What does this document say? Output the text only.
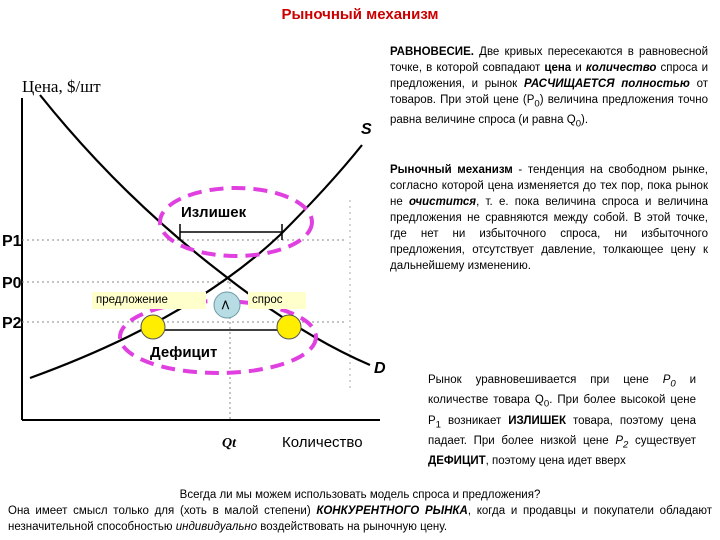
Рыночный механизм
Цена, $/шт
Количество
P1
P0
P2
Qt
S
D
Излишек
Дефицит
<
предложение	спрос
РАВНОВЕСИЕ. Две кривых пересекаются в равновесной точке, в которой совпадают цена и количество спроса и предложения, и рынок РАСЧИЩАЕТСЯ полностью от товаров. При этой цене $(P_0)$ величина предложения точно равна величине спроса (и равна $Q_0$).
Рыночный механизм - тенденция на свободном рынке, согласно которой цена изменяется до тех пор, пока рынок не очистится, т. е. пока величина спроса и величина предложения не сравняются между собой. В этой точке, где нет ни избыточного спроса, ни избыточного предложения, отсутствует давление, толкающее цену к дальнейшему изменению.
Рынок уравновешивается при цене $P_0$ и количестве товара $Q_0$. При более высокой цене $P_1$ возникает ИЗЛИШЕК товара, поэтому цена падает. При более низкой цене $P_2$ существует ДЕФИЦИТ, поэтому цена идет вверх
Всегда ли мы можем использовать модель спроса и предложения?
Она имеет смысл только для (хоть в малой степени) КОНКУРЕНТНОГО РЫНКА, когда и продавцы и покупатели обладают незначительной способностью индивидуально воздействовать на рыночную цену.
